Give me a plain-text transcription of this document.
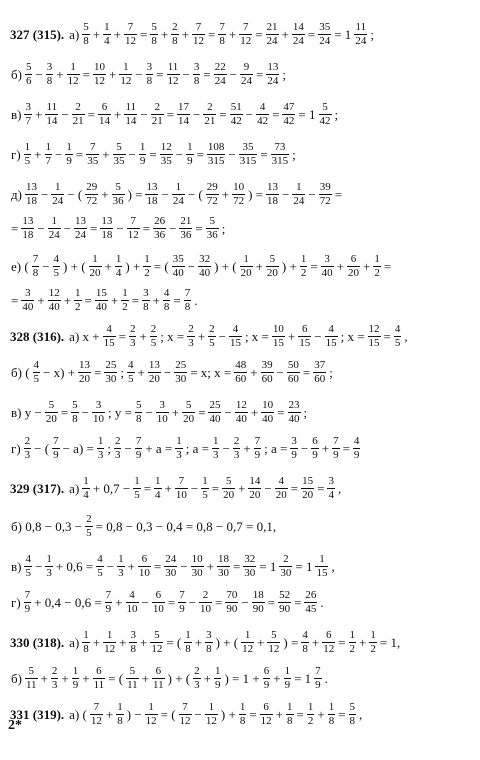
327 (315). а) 5
8 + 1
4 + 7
12 = 5
8 + 2
8 + 7
12 = 7
8 + 7
12 = 21
24 + 14
24 = 35
24 = 1 11
24 ;
б) 5
6 − 3
8 + 1
12 = 10
12 + 1
12 − 3
8 = 11
12 − 3
8 = 22
24 − 9
24 = 13
24 ;
в) 3
7 + 11
14 − 2
21 = 6
14 + 11
14 − 2
21 = 17
14 − 2
21 = 51
42 − 4
42 = 47
42 = 1 5
42 ;
г) 1
5 + 1
7 − 1
9 = 7
35 + 5
35 − 1
9 = 12
35 − 1
9 = 108
315 − 35
315 = 73
315 ;
д) 13
18 − 1
24 − ( 29
72 + 5
36 ) = 13
18 − 1
24 − ( 29
72 + 10
72 ) = 13
18 − 1
24 − 39
72 =
= 13
18 − 1
24 − 13
24 = 13
18 − 7
12 = 26
36 − 21
36 = 5
36 ;
е) ( 7
8 − 4
5 ) + ( 1
20 + 1
4 ) + 1
2 = ( 35
40 − 32
40 ) + ( 1
20 + 5
20 ) + 1
2 = 3
40 + 6
20 + 1
2 =
= 3
40 + 12
40 + 1
2 = 15
40 + 1
2 = 3
8 + 4
8 = 7
8 .
328 (316). а) x + 4
15 = 2
3 + 2
5 ; x = 2
3 + 2
5 − 4
15 ; x = 10
15 + 6
15 − 4
15 ; x = 12
15 = 4
5 ,
б) ( 4
5 − x) + 13
20 = 25
30 ; 4
5 + 13
20 − 25
30 = x; x = 48
60 + 39
60 − 50
60 = 37
60 ;
в) y − 5
20 = 5
8 − 3
10 ; y = 5
8 − 3
10 + 5
20 = 25
40 − 12
40 + 10
40 = 23
40 ;
г) 2
3 − ( 7
9 − a) = 1
3 ; 2
3 − 7
9 + a = 1
3 ; a = 1
3 − 2
3 + 7
9 ; a = 3
9 − 6
9 + 7
9 = 4
9
329 (317). а) 1
4 + 0,7 − 1
5 = 1
4 + 7
10 − 1
5 = 5
20 + 14
20 − 4
20 = 15
20 = 3
4 ,
б) 0,8 − 0,3 − 2
5 = 0,8 − 0,3 − 0,4 = 0,8 − 0,7 = 0,1,
в) 4
5 − 1
3 + 0,6 = 4
5 − 1
3 + 6
10 = 24
30 − 10
30 + 18
30 = 32
30 = 1 2
30 = 1 1
15 ,
г) 7
9 + 0,4 − 0,6 = 7
9 + 4
10 − 6
10 = 7
9 − 2
10 = 70
90 − 18
90 = 52
90 = 26
45 .
330 (318). а) 1
8 + 1
12 + 3
8 + 5
12 = ( 1
8 + 3
8 ) + ( 1
12 + 5
12 ) = 4
8 + 6
12 = 1
2 + 1
2 = 1,
б) 5
11 + 2
3 + 1
9 + 6
11 = ( 5
11 + 6
11 ) + ( 2
3 + 1
9 ) = 1 + 6
9 + 1
9 = 1 7
9 .
331 (319). а) ( 7
12 + 1
8 ) − 1
12 = ( 7
12 − 1
12 ) + 1
8 = 6
12 + 1
8 = 1
2 + 1
8 = 5
8 ,
2*
